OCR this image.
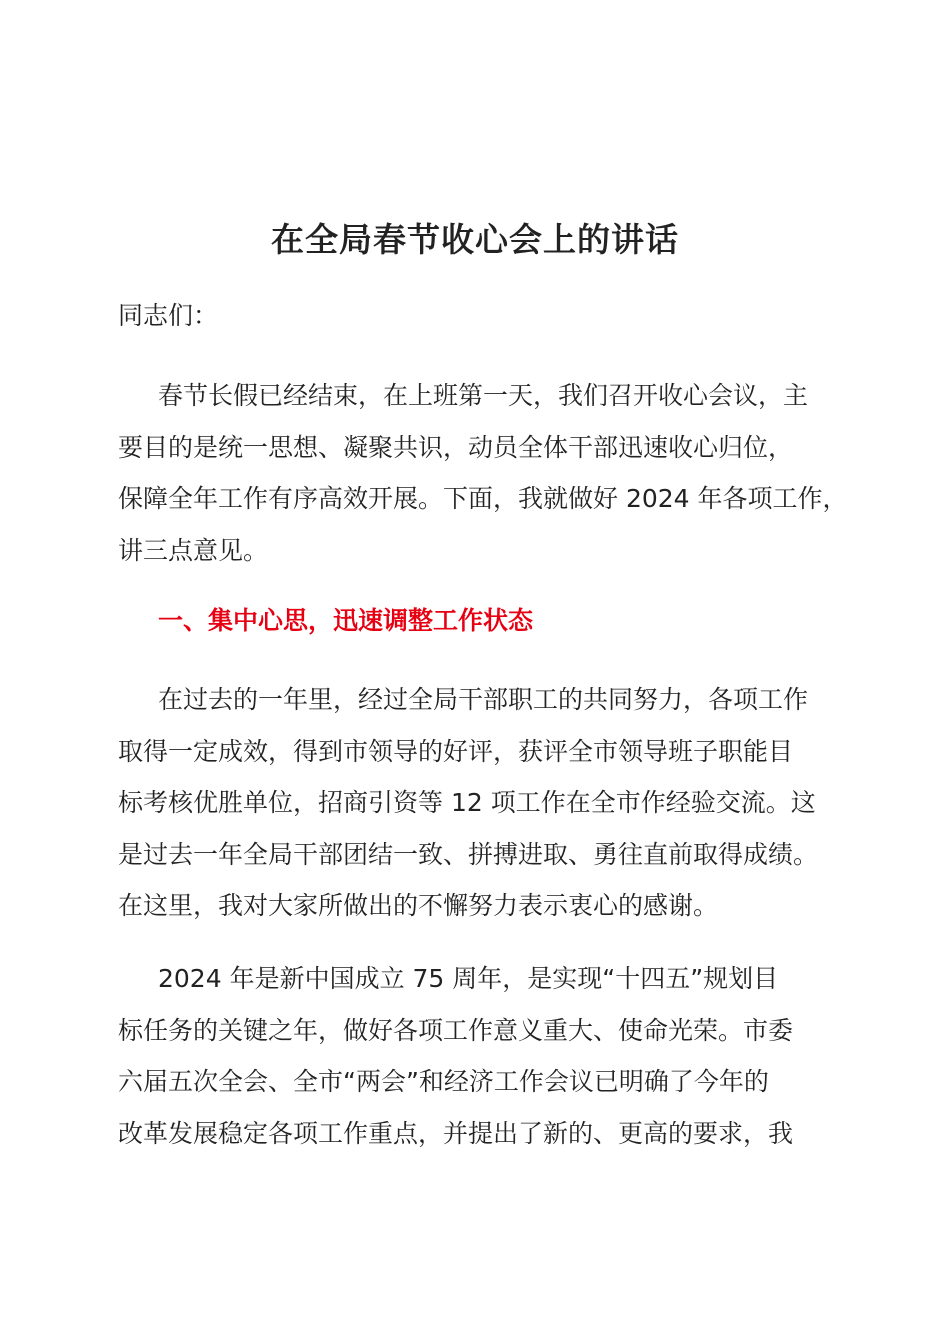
在全局春节收心会上的讲话
同志们：
春节长假已经结束，在上班第一天，我们召开收心会议，主
要目的是统一思想、凝聚共识，动员全体干部迅速收心归位，
保障全年工作有序高效开展。下面，我就做好 2024 年各项工作，
讲三点意见。
一、集中心思，迅速调整工作状态
在过去的一年里，经过全局干部职工的共同努力，各项工作
取得一定成效，得到市领导的好评，获评全市领导班子职能目
标考核优胜单位，招商引资等 12 项工作在全市作经验交流。这
是过去一年全局干部团结一致、拼搏进取、勇往直前取得成绩。
在这里，我对大家所做出的不懈努力表示衷心的感谢。
2024 年是新中国成立 75 周年，是实现“十四五”规划目
标任务的关键之年，做好各项工作意义重大、使命光荣。市委
六届五次全会、全市“两会”和经济工作会议已明确了今年的
改革发展稳定各项工作重点，并提出了新的、更高的要求，我
